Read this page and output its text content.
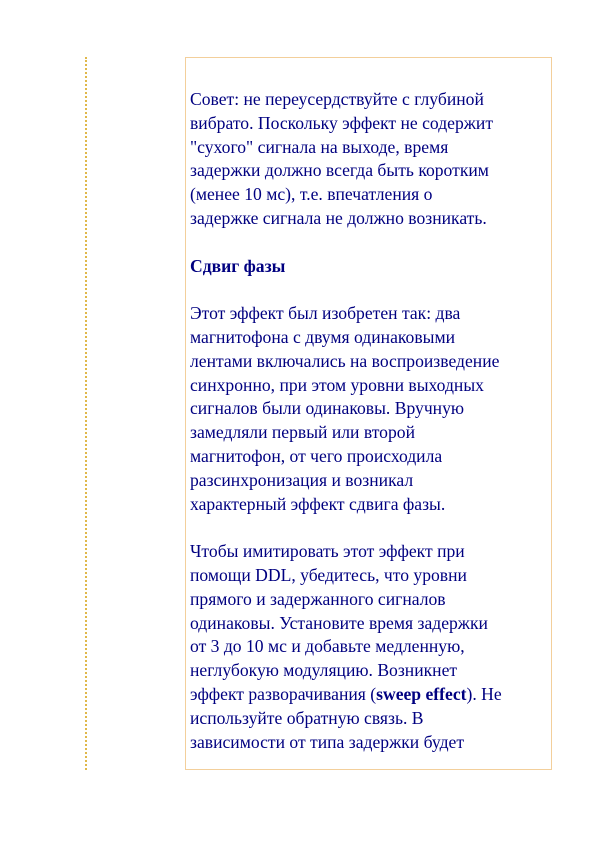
Совет: не переусердствуйте с глубиной
вибрато. Поскольку эффект не содержит
"сухого" сигнала на выходе, время
задержки должно всегда быть коротким
(менее 10 мс), т.е. впечатления о
задержке сигнала не должно возникать.

Сдвиг фазы

Этот эффект был изобретен так: два
магнитофона с двумя одинаковыми
лентами включались на воспроизведение
синхронно, при этом уровни выходных
сигналов были одинаковы. Вручную
замедляли первый или второй
магнитофон, от чего происходила
разсинхронизация и возникал
характерный эффект сдвига фазы.

Чтобы имитировать этот эффект при
помощи DDL, убедитесь, что уровни
прямого и задержанного сигналов
одинаковы. Установите время задержки
от 3 до 10 мс и добавьте медленную,
неглубокую модуляцию. Возникнет
эффект разворачивания (sweep effect). Не
используйте обратную связь. В
зависимости от типа задержки будет
